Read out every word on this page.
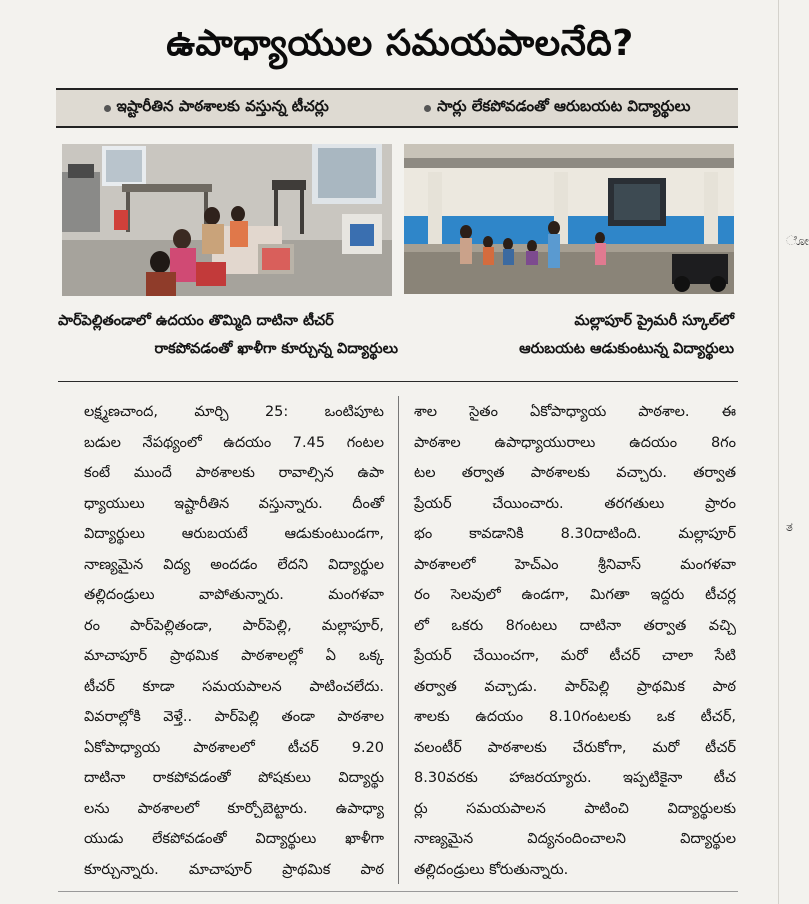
ೋ
ತ
ఉపాధ్యాయుల సమయపాలనేది?
ఇష్టారీతిన పాఠశాలకు వస్తున్న టీచర్లు	సార్లు లేకపోవడంతో ఆరుబయట విద్యార్థులు
పార్‌పెల్లితండాలో ఉదయం తొమ్మిది దాటినా టీచర్
రాకపోవడంతో ఖాళీగా కూర్చున్న విద్యార్థులు
మల్లాపూర్ ప్రైమరీ స్కూల్‌లో
ఆరుబయట ఆడుకుంటున్న విద్యార్థులు
లక్ష్మణచాంద, మార్చి 25: ఒంటిపూట
బడుల నేపథ్యంలో ఉదయం 7.45 గంటల
కంటే ముందే పాఠశాలకు రావాల్సిన ఉపా
ధ్యాయులు ఇష్టారీతిన వస్తున్నారు. దీంతో
విద్యార్థులు ఆరుబయటే ఆడుకుంటుండగా,
నాణ్యమైన విద్య అందడం లేదని విద్యార్థుల
తల్లిదండ్రులు వాపోతున్నారు. మంగళవా
రం పార్‌పెల్లితండా, పార్‌పెల్లి, మల్లాపూర్,
మాచాపూర్ ప్రాథమిక పాఠశాలల్లో ఏ ఒక్క
టీచర్ కూడా సమయపాలన పాటించలేదు.
వివరాల్లోకి వెళ్తే.. పార్‌పెల్లి తండా పాఠశాల
ఏకోపాధ్యాయ పాఠశాలలో టీచర్ 9.20
దాటినా రాకపోవడంతో పోషకులు విద్యార్థు
లను పాఠశాలలో కూర్చోబెట్టారు. ఉపాధ్యా
యుడు లేకపోవడంతో విద్యార్థులు ఖాళీగా
కూర్చున్నారు. మాచాపూర్ ప్రాథమిక పాఠ
శాల సైతం ఏకోపాధ్యాయ పాఠశాల. ఈ
పాఠశాల ఉపాధ్యాయురాలు ఉదయం 8గం
టల తర్వాత పాఠశాలకు వచ్చారు. తర్వాత
ప్రేయర్ చేయించారు. తరగతులు ప్రారం
భం కావడానికి 8.30దాటింది. మల్లాపూర్
పాఠశాలలో హెచ్‌ఎం శ్రీనివాస్ మంగళవా
రం సెలవులో ఉండగా, మిగతా ఇద్దరు టీచర్ల
లో ఒకరు 8గంటలు దాటినా తర్వాత వచ్చి
ప్రేయర్ చేయించగా, మరో టీచర్ చాలా సేటి
తర్వాత వచ్చాడు. పార్‌పెల్లి ప్రాథమిక పాఠ
శాలకు ఉదయం 8.10గంటలకు ఒక టీచర్,
వలంటీర్ పాఠశాలకు చేరుకోగా, మరో టీచర్
8.30వరకు హాజరయ్యారు. ఇప్పటికైనా టీచ
ర్లు సమయపాలన పాటించి విద్యార్థులకు
నాణ్యమైన విద్యనందించాలని విద్యార్థుల
తల్లిదండ్రులు కోరుతున్నారు.
